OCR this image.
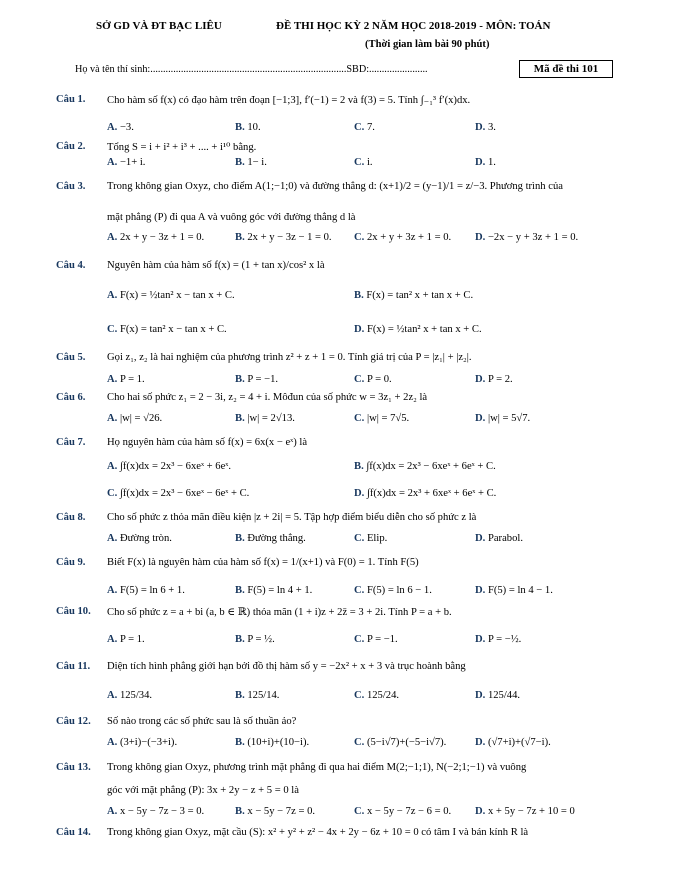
SỞ GD VÀ ĐT BẠC LIÊU	ĐỀ THI HỌC KỲ 2 NĂM HỌC 2018-2019 - MÔN: TOÁN
(Thời gian làm bài 90 phút)
Họ và tên thí sinh:.............................................................................SBD:.......................	Mã đề thi 101
Câu 1. Cho hàm số f(x) có đạo hàm trên đoạn [−1;3], f′(−1) = 2 và f(3) = 5. Tính ∫₋₁³ f′(x)dx.
A. −3.	B. 10.	C. 7.	D. 3.
Câu 2. Tổng S = i + i² + i³ + .... + i¹⁰ bằng.
A. −1+ i.	B. 1− i.	C. i.	D. 1.
Câu 3. Trong không gian Oxyz, cho điểm A(1;−1;0) và đường thẳng d: (x+1)/2 = (y−1)/1 = z/−3. Phương trình của
mặt phẳng (P) đi qua A và vuông góc với đường thẳng d là
A. 2x + y − 3z + 1 = 0.	B. 2x + y − 3z − 1 = 0. C. 2x + y + 3z + 1 = 0. D. −2x − y + 3z + 1 = 0.
Câu 4. Nguyên hàm của hàm số f(x) = (1 + tan x)/cos² x là
A. F(x) = ½tan² x − tan x + C.	B. F(x) = tan² x + tan x + C.
C. F(x) = tan² x − tan x + C.	D. F(x) = ½tan² x + tan x + C.
Câu 5. Gọi z₁, z₂ là hai nghiệm của phương trình z² + z + 1 = 0. Tính giá trị của P = |z₁| + |z₂|.
A. P = 1.	B. P = −1.	C. P = 0.	D. P = 2.
Câu 6. Cho hai số phức z₁ = 2 − 3i, z₂ = 4 + i. Môđun của số phức w = 3z₁ + 2z₂ là
A. |w| = √26.	B. |w| = 2√13.	C. |w| = 7√5.	D. |w| = 5√7.
Câu 7. Họ nguyên hàm của hàm số f(x) = 6x(x − eˣ) là
A. ∫f(x)dx = 2x³ − 6xeˣ + 6eˣ.	B. ∫f(x)dx = 2x³ − 6xeˣ + 6eˣ + C.
C. ∫f(x)dx = 2x³ − 6xeˣ − 6eˣ + C.	D. ∫f(x)dx = 2x³ + 6xeˣ + 6eˣ + C.
Câu 8. Cho số phức z thỏa mãn điều kiện |z + 2i| = 5. Tập hợp điểm biểu diễn cho số phức z là
A. Đường tròn.	B. Đường thẳng.	C. Elip.	D. Parabol.
Câu 9. Biết F(x) là nguyên hàm của hàm số f(x) = 1/(x+1) và F(0) = 1. Tính F(5)
A. F(5) = ln 6 + 1.	B. F(5) = ln 4 + 1.	C. F(5) = ln 6 − 1.	D. F(5) = ln 4 − 1.
Câu 10. Cho số phức z = a + bi (a, b ∈ ℝ) thỏa mãn (1 + i)z + 2z̄ = 3 + 2i. Tính P = a + b.
A. P = 1.	B. P = ½.	C. P = −1.	D. P = −½.
Câu 11. Diện tích hình phẳng giới hạn bởi đồ thị hàm số y = −2x² + x + 3 và trục hoành bằng
A. 125/34.	B. 125/14.	C. 125/24.	D. 125/44.
Câu 12. Số nào trong các số phức sau là số thuần ảo?
A. (3+i)−(−3+i).	B. (10+i)+(10−i).	C. (5−i√7)+(−5−i√7).	D. (√7+i)+(√7−i).
Câu 13. Trong không gian Oxyz, phương trình mặt phẳng đi qua hai điểm M(2;−1;1), N(−2;1;−1) và vuông
góc với mặt phẳng (P): 3x + 2y − z + 5 = 0 là
A. x − 5y − 7z − 3 = 0.	B. x − 5y − 7z = 0.	C. x − 5y − 7z − 6 = 0. D. x + 5y − 7z + 10 = 0
Câu 14. Trong không gian Oxyz, mặt cầu (S): x² + y² + z² − 4x + 2y − 6z + 10 = 0 có tâm I và bán kính R là
